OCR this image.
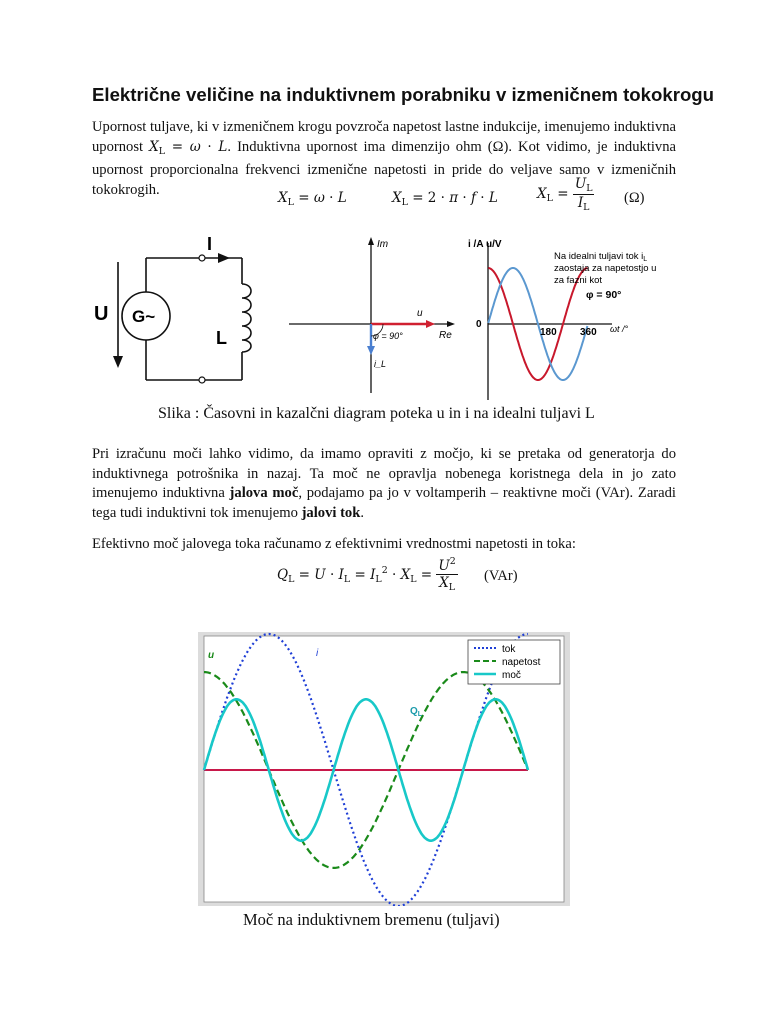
Električne veličine na induktivnem porabniku v izmeničnem tokokrogu
Upornost tuljave, ki v izmeničnem krogu povzroča napetost lastne indukcije, imenujemo induktivna upornost $X_L = \omega \cdot L$. Induktivna upornost ima dimenzijo ohm (Ω). Kot vidimo, je induktivna upornost proporcionalna frekvenci izmenične napetosti in pride do veljave samo v izmeničnih tokokrogih.
$X_L = \omega \cdot L$	$X_L = 2 \cdot \pi \cdot f \cdot L$	$X_L = \frac{U_L}{I_L} (\Omega)$
G~
U
I
L
Im
Re
u
i_L
φ = 90°
i /A u/V
0
180 360 ωt /°
Na idealni tuljavi tok $i_L$
zaostaja za napetostjo u
za fazni kot
φ = 90°
Slika : Časovni in kazalčni diagram poteka u in i na idealni tuljavi L
Pri izračunu moči lahko vidimo, da imamo opraviti z močjo, ki se pretaka od generatorja do induktivnega potrošnika in nazaj. Ta moč ne opravlja nobenega koristnega dela in jo zato imenujemo induktivna jalova moč, podajamo pa jo v voltamperih – reaktivne moči (VAr). Zaradi tega tudi induktivni tok imenujemo jalovi tok.
Efektivno moč jalovega toka računamo z efektivnimi vrednostmi napetosti in toka:
$Q_L = U \cdot I_L = I_L^2 \cdot X_L = \frac{U^2}{X_L} (VAr)$
u	i
$Q_L$
tok
napetost
moč
Moč na induktivnem bremenu (tuljavi)
